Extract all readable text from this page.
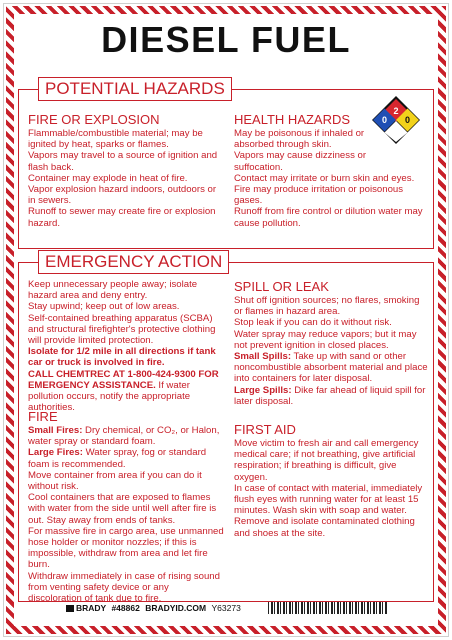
DIESEL FUEL
POTENTIAL HAZARDS
FIRE OR EXPLOSION

Flammable/combustible material; may be ignited by heat, sparks or flames.

Vapors may travel to a source of ignition and flash back.

Container may explode in heat of fire.

Vapor explosion hazard indoors, outdoors or in sewers.

Runoff to sewer may create fire or explosion hazard.

HEALTH HAZARDS

May be poisonous if inhaled or absorbed through skin.

Vapors may cause dizziness or suffocation.

Contact may irritate or burn skin and eyes.

Fire may produce irritation or poisonous gases.

Runoff from fire control or dilution water may cause pollution.

2
0 0
EMERGENCY ACTION

Keep unnecessary people away; isolate hazard area and deny entry.

Stay upwind; keep out of low areas.

Self-contained breathing apparatus (SCBA) and structural firefighter's protective clothing will provide limited protection.

Isolate for 1/2 mile in all directions if tank car or truck is involved in fire.

CALL CHEMTREC AT 1-800-424-9300 FOR EMERGENCY ASSISTANCE. If water pollution occurs, notify the appropriate authorities.

SPILL OR LEAK

Shut off ignition sources; no flares, smoking or flames in hazard area.

Stop leak if you can do it without risk.

Water spray may reduce vapors; but it may not prevent ignition in closed places.

Small Spills: Take up with sand or other noncombustible absorbent material and place into containers for later disposal.

Large Spills: Dike far ahead of liquid spill for later disposal.

FIRE

Small Fires: Dry chemical, or CO₂, or Halon, water spray or standard foam.

Large Fires: Water spray, fog or standard foam is recommended.

Move container from area if you can do it without risk.

Cool containers that are exposed to flames with water from the side until well after fire is out. Stay away from ends of tanks.

For massive fire in cargo area, use unmanned hose holder or monitor nozzles; if this is impossible, withdraw from area and let fire burn.

Withdraw immediately in case of rising sound from venting safety device or any discoloration of tank due to fire.

FIRST AID

Move victim to fresh air and call emergency medical care; if not breathing, give artificial respiration; if breathing is difficult, give oxygen.

In case of contact with material, immediately flush eyes with running water for at least 15 minutes. Wash skin with soap and water.

Remove and isolate contaminated clothing and shoes at the site.

BRADY #48862 BRADYID.COM Y63273
